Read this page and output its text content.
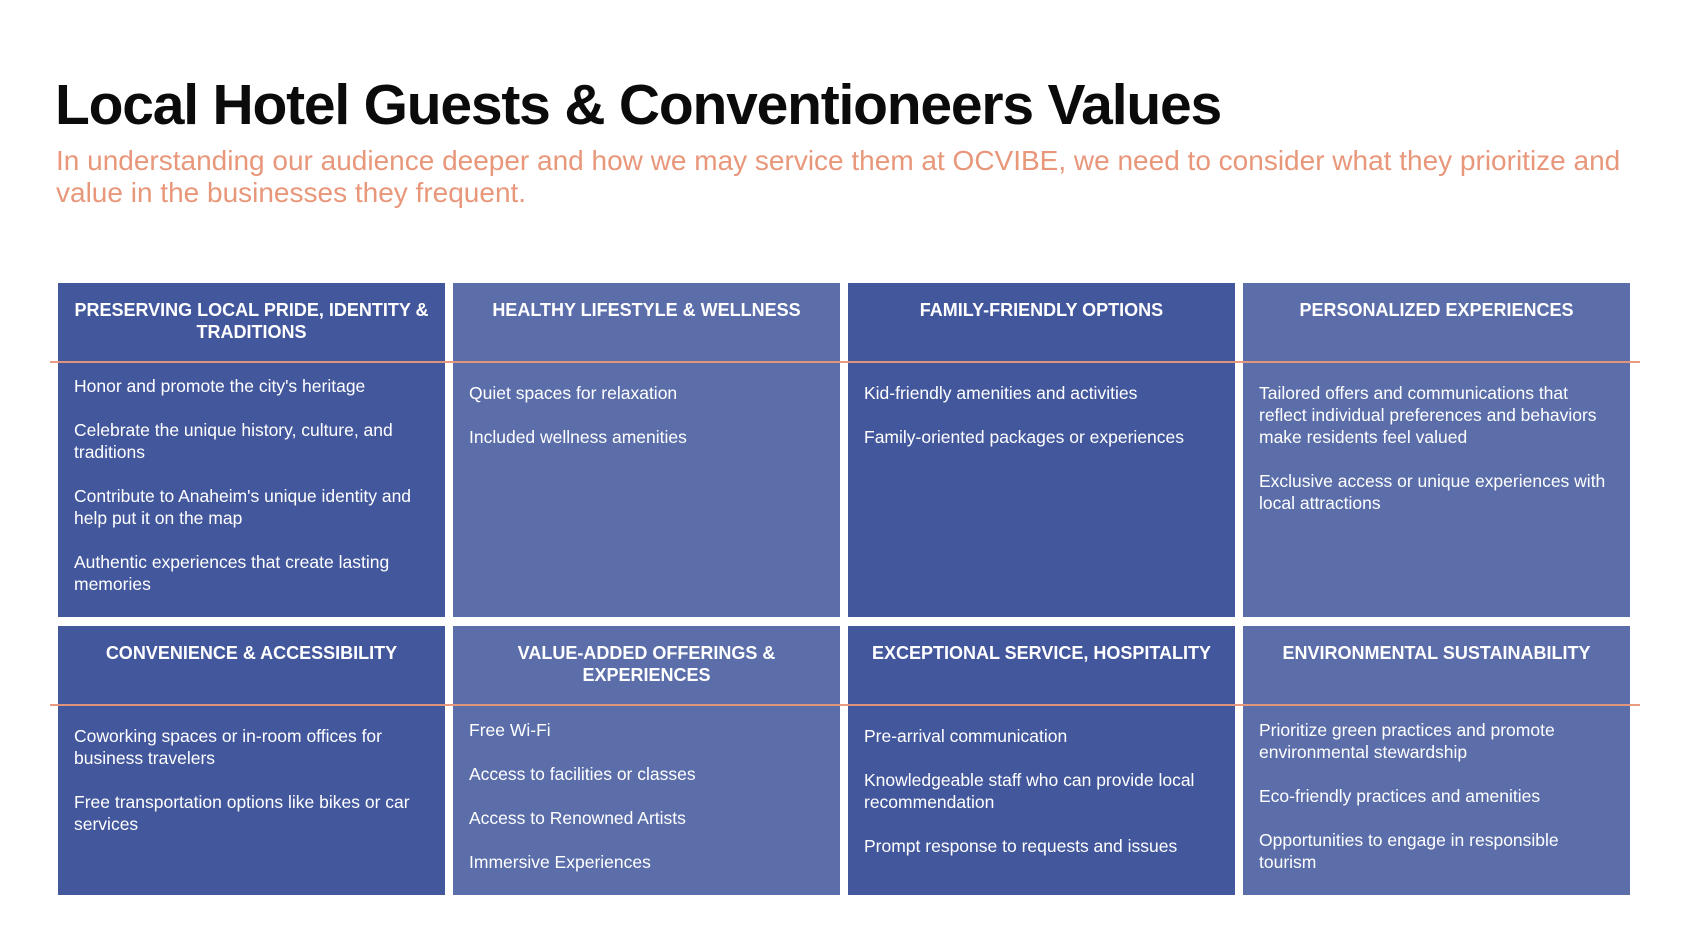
Local Hotel Guests & Conventioneers Values

In understanding our audience deeper and how we may service them at OCVIBE, we need to consider what they prioritize and value in the businesses they frequent.

PRESERVING LOCAL PRIDE, IDENTITY & TRADITIONS

Honor and promote the city's heritage

Celebrate the unique history, culture, and traditions

Contribute to Anaheim's unique identity and help put it on the map

Authentic experiences that create lasting memories

HEALTHY LIFESTYLE & WELLNESS

Quiet spaces for relaxation

Included wellness amenities

FAMILY-FRIENDLY OPTIONS

Kid-friendly amenities and activities

Family-oriented packages or experiences

PERSONALIZED EXPERIENCES

Tailored offers and communications that reflect individual preferences and behaviors make residents feel valued

Exclusive access or unique experiences with local attractions

CONVENIENCE & ACCESSIBILITY

Coworking spaces or in-room offices for business travelers

Free transportation options like bikes or car services

VALUE-ADDED OFFERINGS & EXPERIENCES

Free Wi-Fi

Access to facilities or classes

Access to Renowned Artists

Immersive Experiences

EXCEPTIONAL SERVICE, HOSPITALITY

Pre-arrival communication

Knowledgeable staff who can provide local recommendation

Prompt response to requests and issues

ENVIRONMENTAL SUSTAINABILITY

Prioritize green practices and promote environmental stewardship

Eco-friendly practices and amenities

Opportunities to engage in responsible tourism
